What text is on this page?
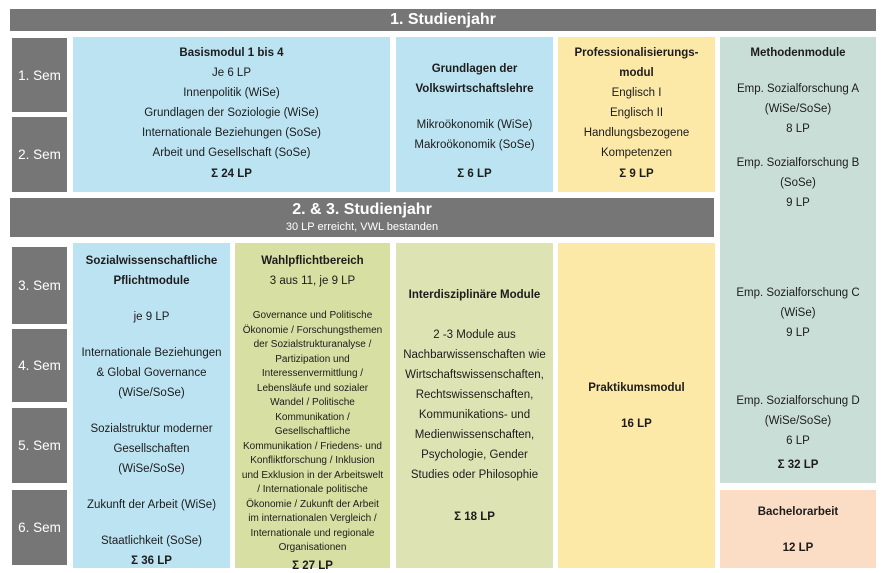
1. Studienjahr
1. Sem
2. Sem
3. Sem
4. Sem
5. Sem
6. Sem
Basismodul 1 bis 4
Je 6 LP
Innenpolitik (WiSe)
Grundlagen der Soziologie (WiSe)
Internationale Beziehungen (SoSe)
Arbeit und Gesellschaft (SoSe)
Σ 24 LP
Grundlagen der Volkswirtschaftslehre
Mikroökonomik (WiSe)
Makroökonomik (SoSe)
Σ 6 LP
Professionalisierungs-modul
Englisch I
Englisch II
Handlungsbezogene Kompetenzen
Σ 9 LP
Methodenmodule
Emp. Sozialforschung A
(WiSe/SoSe)
8 LP
Emp. Sozialforschung B
(SoSe)
9 LP
Emp. Sozialforschung C
(WiSe)
9 LP
Emp. Sozialforschung D
(WiSe/SoSe)
6 LP
Σ 32 LP
2. & 3. Studienjahr
30 LP erreicht, VWL bestanden
Sozialwissenschaftliche Pflichtmodule
je 9 LP
Internationale Beziehungen & Global Governance (WiSe/SoSe)
Sozialstruktur moderner Gesellschaften (WiSe/SoSe)
Zukunft der Arbeit (WiSe)
Staatlichkeit (SoSe)
Σ 36 LP
Wahlpflichtbereich
3 aus 11, je 9 LP
Governance und Politische Ökonomie / Forschungsthemen der Sozialstrukturanalyse / Partizipation und Interessenvermittlung / Lebensläufe und sozialer Wandel / Politische Kommunikation / Gesellschaftliche Kommunikation / Friedens- und Konfliktforschung / Inklusion und Exklusion in der Arbeitswelt / Internationale politische Ökonomie / Zukunft der Arbeit im internationalen Vergleich / Internationale und regionale Organisationen
Σ 27 LP
Interdisziplinäre Module
2 -3 Module aus Nachbarwissenschaften wie Wirtschaftswissenschaften, Rechtswissenschaften, Kommunikations- und Medienwissenschaften, Psychologie, Gender Studies oder Philosophie
Σ 18 LP
Praktikumsmodul
16 LP
Bachelorarbeit
12 LP
